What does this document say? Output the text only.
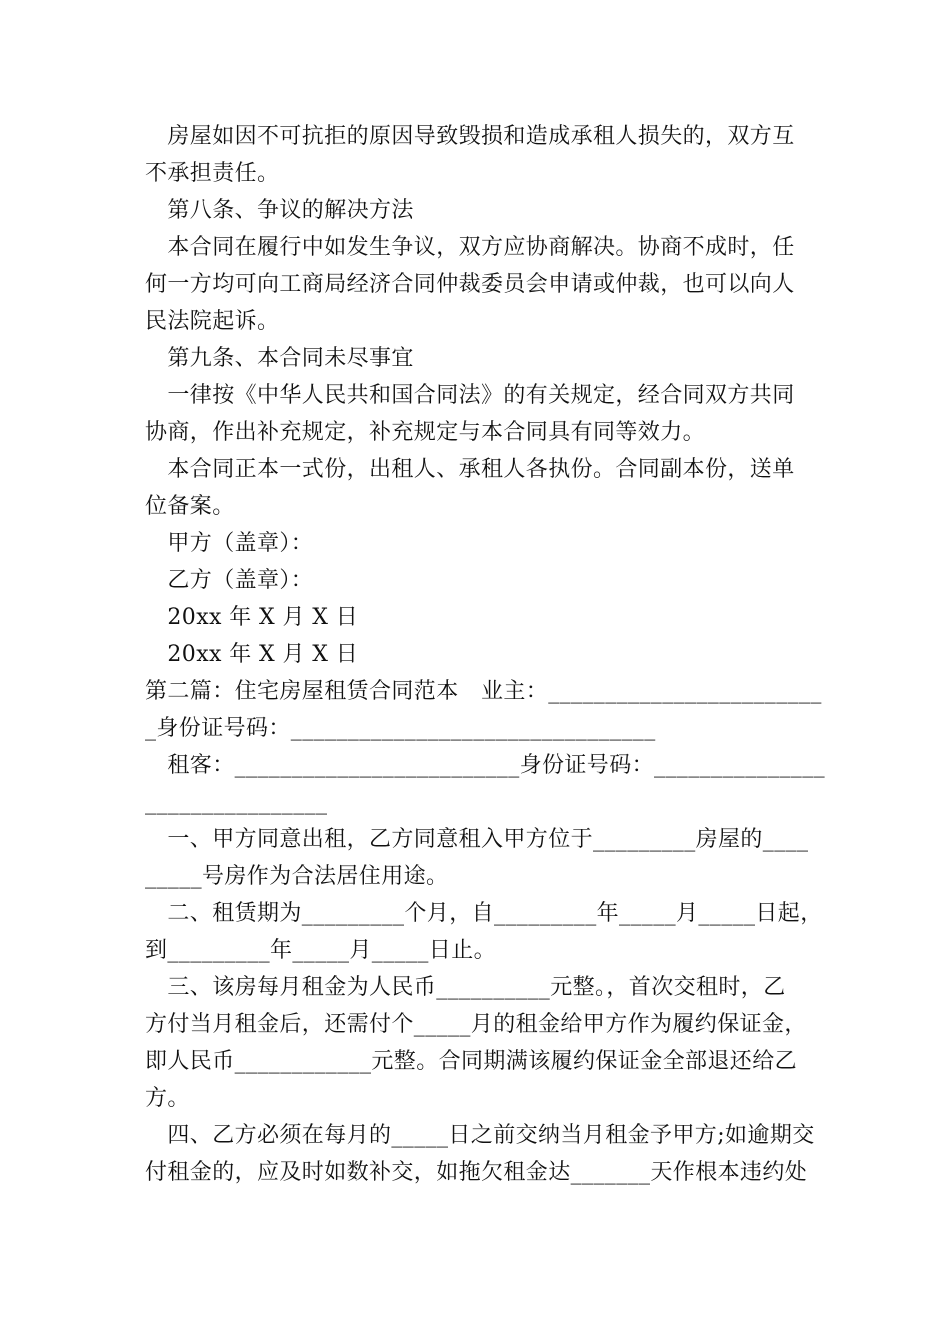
　房屋如因不可抗拒的原因导致毁损和造成承租人损失的，双方互
不承担责任。
　第八条、争议的解决方法
　本合同在履行中如发生争议，双方应协商解决。协商不成时，任
何一方均可向工商局经济合同仲裁委员会申请或仲裁，也可以向人
民法院起诉。
　第九条、本合同未尽事宜
　一律按《中华人民共和国合同法》的有关规定，经合同双方共同
协商，作出补充规定，补充规定与本合同具有同等效力。
　本合同正本一式份，出租人、承租人各执份。合同副本份，送单
位备案。
　甲方（盖章）：
　乙方（盖章）：
　20xx 年 X 月 X 日
　20xx 年 X 月 X 日
第二篇：住宅房屋租赁合同范本　业主：________________________
_身份证号码：________________________________
　租客：_________________________身份证号码：_______________
________________
　一、甲方同意出租，乙方同意租入甲方位于_________房屋的____
_____号房作为合法居住用途。
　二、租赁期为_________个月，自_________年_____月_____日起，
到_________年_____月_____日止。
　三、该房每月租金为人民币__________元整。，首次交租时，乙
方付当月租金后，还需付个_____月的租金给甲方作为履约保证金，
即人民币____________元整。合同期满该履约保证金全部退还给乙
方。
　四、乙方必须在每月的_____日之前交纳当月租金予甲方;如逾期交
付租金的，应及时如数补交，如拖欠租金达_______天作根本违约处
